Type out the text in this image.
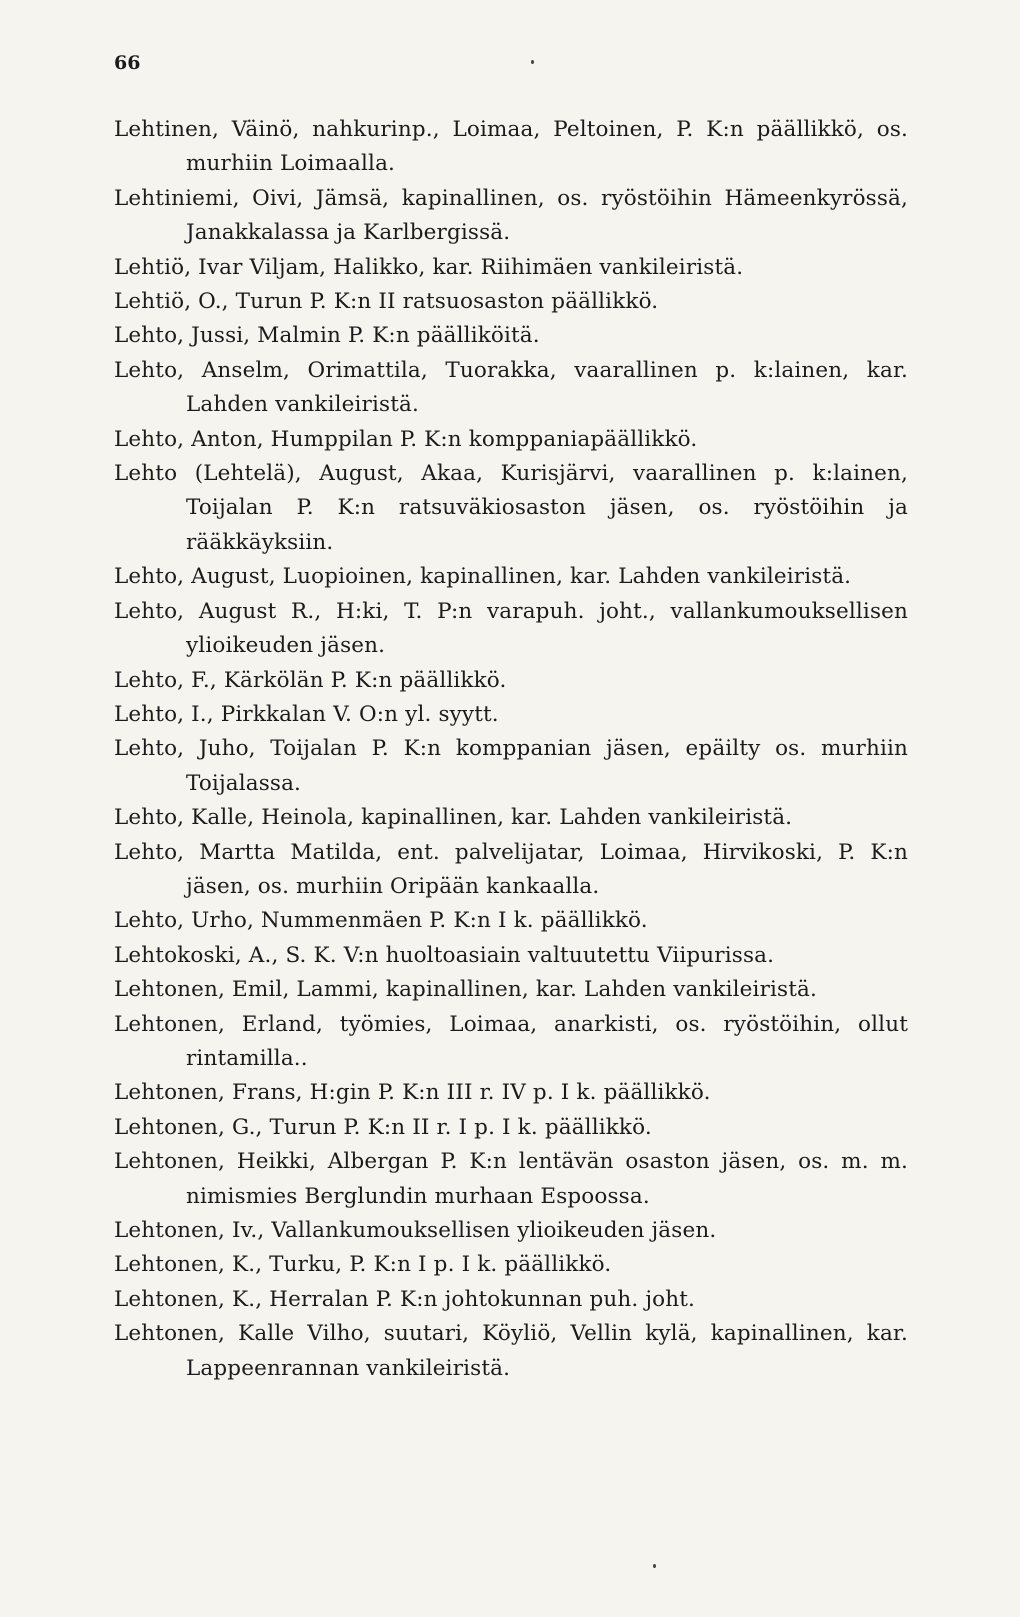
66
Lehtinen, Väinö, nahkurinp., Loimaa, Peltoinen, P. K:n päällikkö, os. murhiin Loimaalla.
Lehtiniemi, Oivi, Jämsä, kapinallinen, os. ryöstöihin Hämeenkyrössä, Janakkalassa ja Karlbergissä.
Lehtiö, Ivar Viljam, Halikko, kar. Riihimäen vankileiristä.
Lehtiö, O., Turun P. K:n II ratsuosaston päällikkö.
Lehto, Jussi, Malmin P. K:n päälliköitä.
Lehto, Anselm, Orimattila, Tuorakka, vaarallinen p. k:lainen, kar. Lahden vankileiristä.
Lehto, Anton, Humppilan P. K:n komppaniapäällikkö.
Lehto (Lehtelä), August, Akaa, Kurisjärvi, vaarallinen p. k:lainen, Toijalan P. K:n ratsuväkiosaston jäsen, os. ryöstöihin ja rääkkäyksiin.
Lehto, August, Luopioinen, kapinallinen, kar. Lahden vankileiristä.
Lehto, August R., H:ki, T. P:n varapuh. joht., vallankumouksellisen ylioikeuden jäsen.
Lehto, F., Kärkölän P. K:n päällikkö.
Lehto, I., Pirkkalan V. O:n yl. syytt.
Lehto, Juho, Toijalan P. K:n komppanian jäsen, epäilty os. murhiin Toijalassa.
Lehto, Kalle, Heinola, kapinallinen, kar. Lahden vankileiristä.
Lehto, Martta Matilda, ent. palvelijatar, Loimaa, Hirvikoski, P. K:n jäsen, os. murhiin Oripään kankaalla.
Lehto, Urho, Nummenmäen P. K:n I k. päällikkö.
Lehtokoski, A., S. K. V:n huoltoasiain valtuutettu Viipurissa.
Lehtonen, Emil, Lammi, kapinallinen, kar. Lahden vankileiristä.
Lehtonen, Erland, työmies, Loimaa, anarkisti, os. ryöstöihin, ollut rintamilla..
Lehtonen, Frans, H:gin P. K:n III r. IV p. I k. päällikkö.
Lehtonen, G., Turun P. K:n II r. I p. I k. päällikkö.
Lehtonen, Heikki, Albergan P. K:n lentävän osaston jäsen, os. m. m. nimismies Berglundin murhaan Espoossa.
Lehtonen, Iv., Vallankumouksellisen ylioikeuden jäsen.
Lehtonen, K., Turku, P. K:n I p. I k. päällikkö.
Lehtonen, K., Herralan P. K:n johtokunnan puh. joht.
Lehtonen, Kalle Vilho, suutari, Köyliö, Vellin kylä, kapinallinen, kar. Lappeenrannan vankileiristä.
